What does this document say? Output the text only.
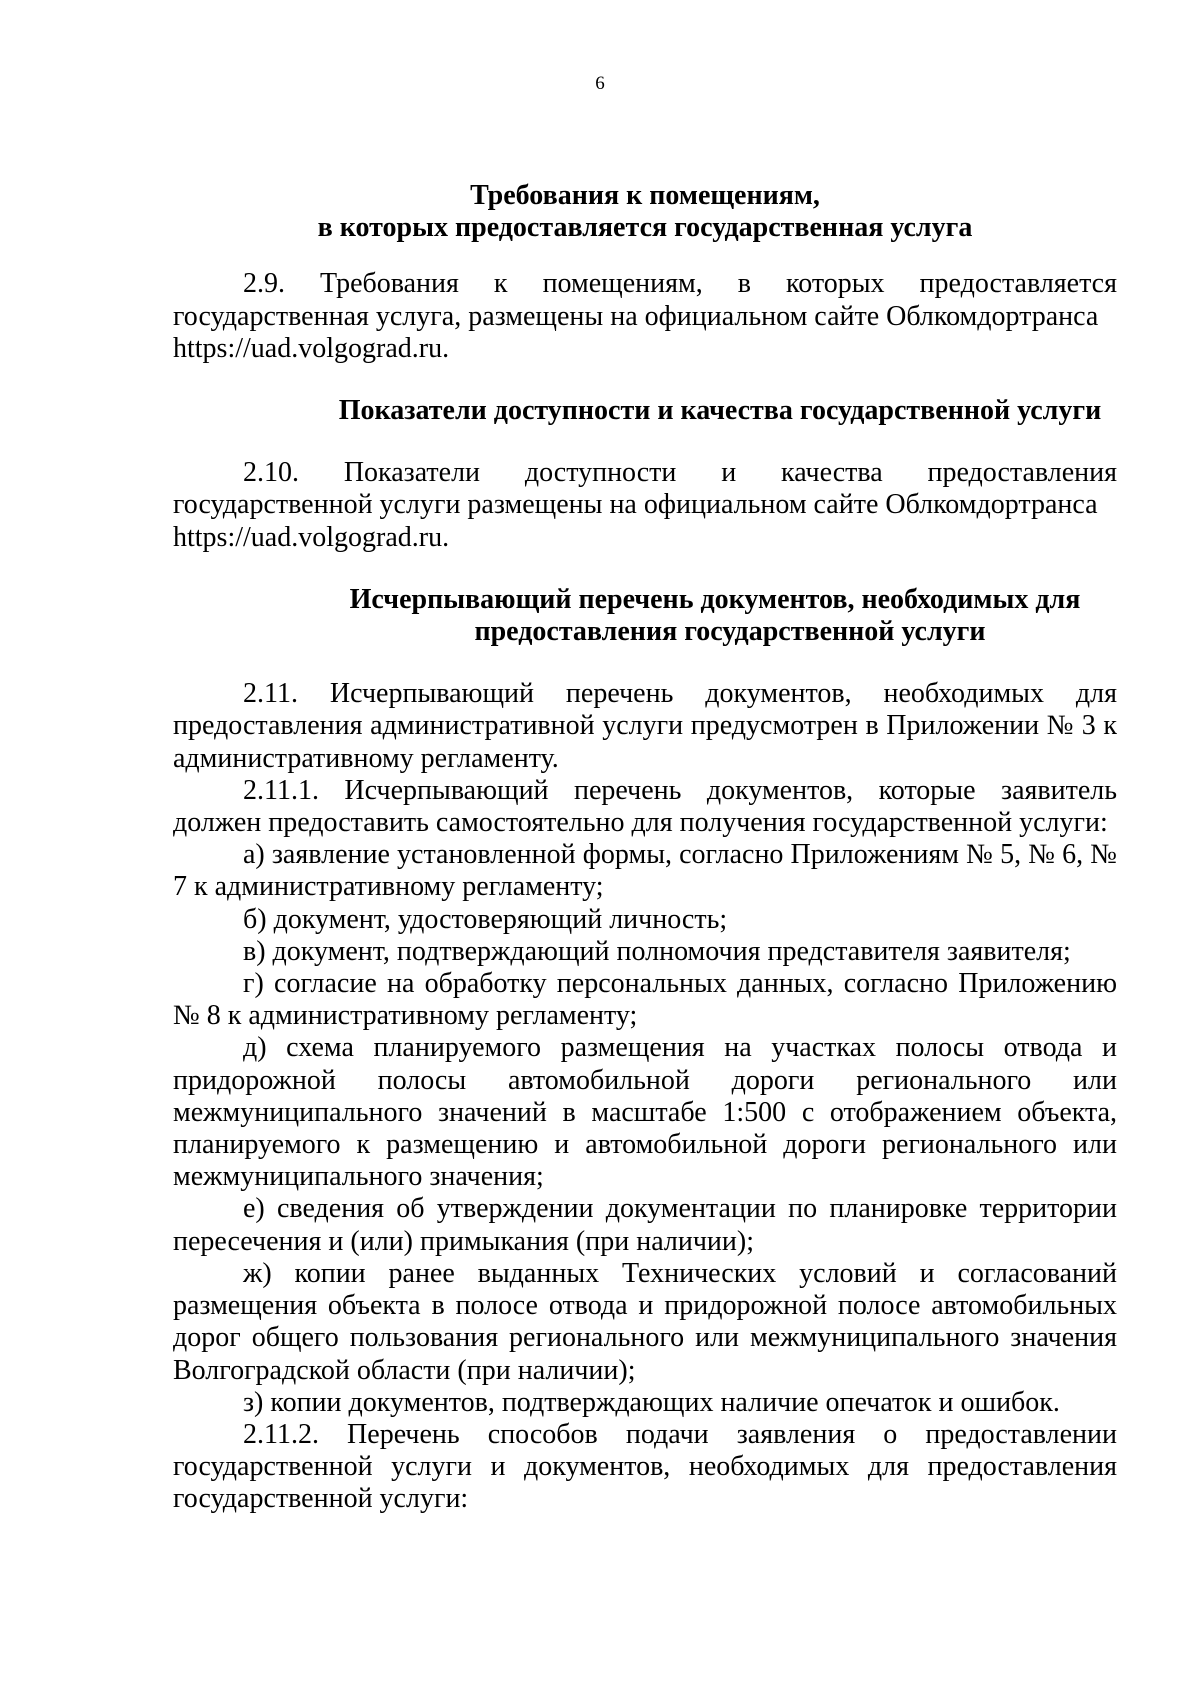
6

Требования к помещениям,
в которых предоставляется государственная услуга

2.9. Требования к помещениям, в которых предоставляется государственная услуга, размещены на официальном сайте Облкомдортранса
https://uad.volgograd.ru.

Показатели доступности и качества государственной услуги

2.10. Показатели доступности и качества предоставления государственной услуги размещены на официальном сайте Облкомдортранса
https://uad.volgograd.ru.

Исчерпывающий перечень документов, необходимых для
предоставления государственной услуги

2.11. Исчерпывающий перечень документов, необходимых для предоставления административной услуги предусмотрен в Приложении № 3 к административному регламенту.

2.11.1. Исчерпывающий перечень документов, которые заявитель должен предоставить самостоятельно для получения государственной услуги:

а) заявление установленной формы, согласно Приложениям № 5, № 6, № 7 к административному регламенту;

б) документ, удостоверяющий личность;

в) документ, подтверждающий полномочия представителя заявителя;

г) согласие на обработку персональных данных, согласно Приложению № 8 к административному регламенту;

д) схема планируемого размещения на участках полосы отвода и придорожной полосы автомобильной дороги регионального или межмуниципального значений в масштабе 1:500 с отображением объекта, планируемого к размещению и автомобильной дороги регионального или межмуниципального значения;

е) сведения об утверждении документации по планировке территории пересечения и (или) примыкания (при наличии);

ж) копии ранее выданных Технических условий и согласований размещения объекта в полосе отвода и придорожной полосе автомобильных дорог общего пользования регионального или межмуниципального значения Волгоградской области (при наличии);

з) копии документов, подтверждающих наличие опечаток и ошибок.

2.11.2. Перечень способов подачи заявления о предоставлении государственной услуги и документов, необходимых для предоставления государственной услуги:
